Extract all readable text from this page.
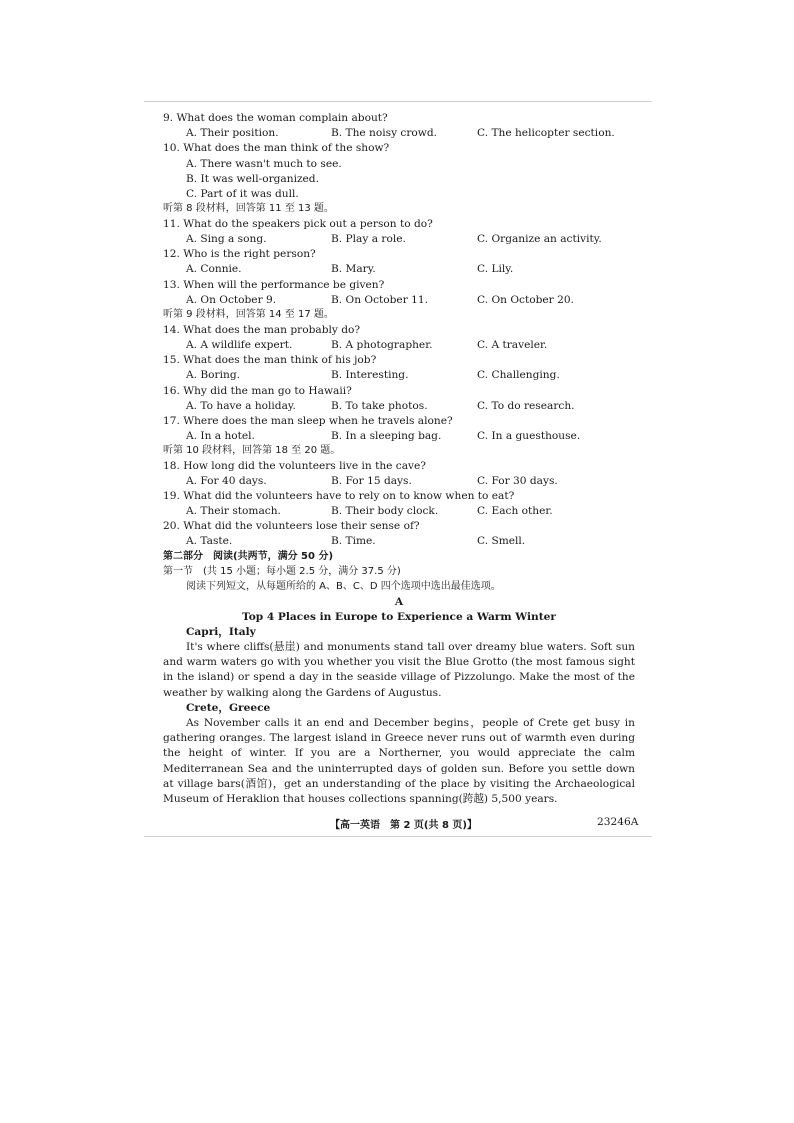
9. What does the woman complain about?
A. Their position.	B. The noisy crowd.	C. The helicopter section.
10. What does the man think of the show?
A. There wasn't much to see.
B. It was well-organized.
C. Part of it was dull.
听第 8 段材料，回答第 11 至 13 题。
11. What do the speakers pick out a person to do?
A. Sing a song.	B. Play a role.	C. Organize an activity.
12. Who is the right person?
A. Connie.	B. Mary.	C. Lily.
13. When will the performance be given?
A. On October 9.	B. On October 11.	C. On October 20.
听第 9 段材料，回答第 14 至 17 题。
14. What does the man probably do?
A. A wildlife expert.	B. A photographer.	C. A traveler.
15. What does the man think of his job?
A. Boring.	B. Interesting.	C. Challenging.
16. Why did the man go to Hawaii?
A. To have a holiday.	B. To take photos.	C. To do research.
17. Where does the man sleep when he travels alone?
A. In a hotel.	B. In a sleeping bag.	C. In a guesthouse.
听第 10 段材料，回答第 18 至 20 题。
18. How long did the volunteers live in the cave?
A. For 40 days.	B. For 15 days.	C. For 30 days.
19. What did the volunteers have to rely on to know when to eat?
A. Their stomach.	B. Their body clock.	C. Each other.
20. What did the volunteers lose their sense of?
A. Taste.	B. Time.	C. Smell.
第二部分　阅读(共两节，满分 50 分)
第一节　(共 15 小题；每小题 2.5 分，满分 37.5 分)
阅读下列短文，从每题所给的 A、B、C、D 四个选项中选出最佳选项。
A
Top 4 Places in Europe to Experience a Warm Winter
Capri，Italy
It's where cliffs(悬崖) and monuments stand tall over dreamy blue waters. Soft sun and warm waters go with you whether you visit the Blue Grotto (the most famous sight in the island) or spend a day in the seaside village of Pizzolungo. Make the most of the weather by walking along the Gardens of Augustus.
Crete，Greece
As November calls it an end and December begins，people of Crete get busy in gathering oranges. The largest island in Greece never runs out of warmth even during the height of winter. If you are a Northerner, you would appreciate the calm Mediterranean Sea and the uninterrupted days of golden sun. Before you settle down at village bars(酒馆)，get an understanding of the place by visiting the Archaeological Museum of Heraklion that houses collections spanning(跨越) 5,500 years.
【高一英语　第 2 页(共 8 页)】	23246A
